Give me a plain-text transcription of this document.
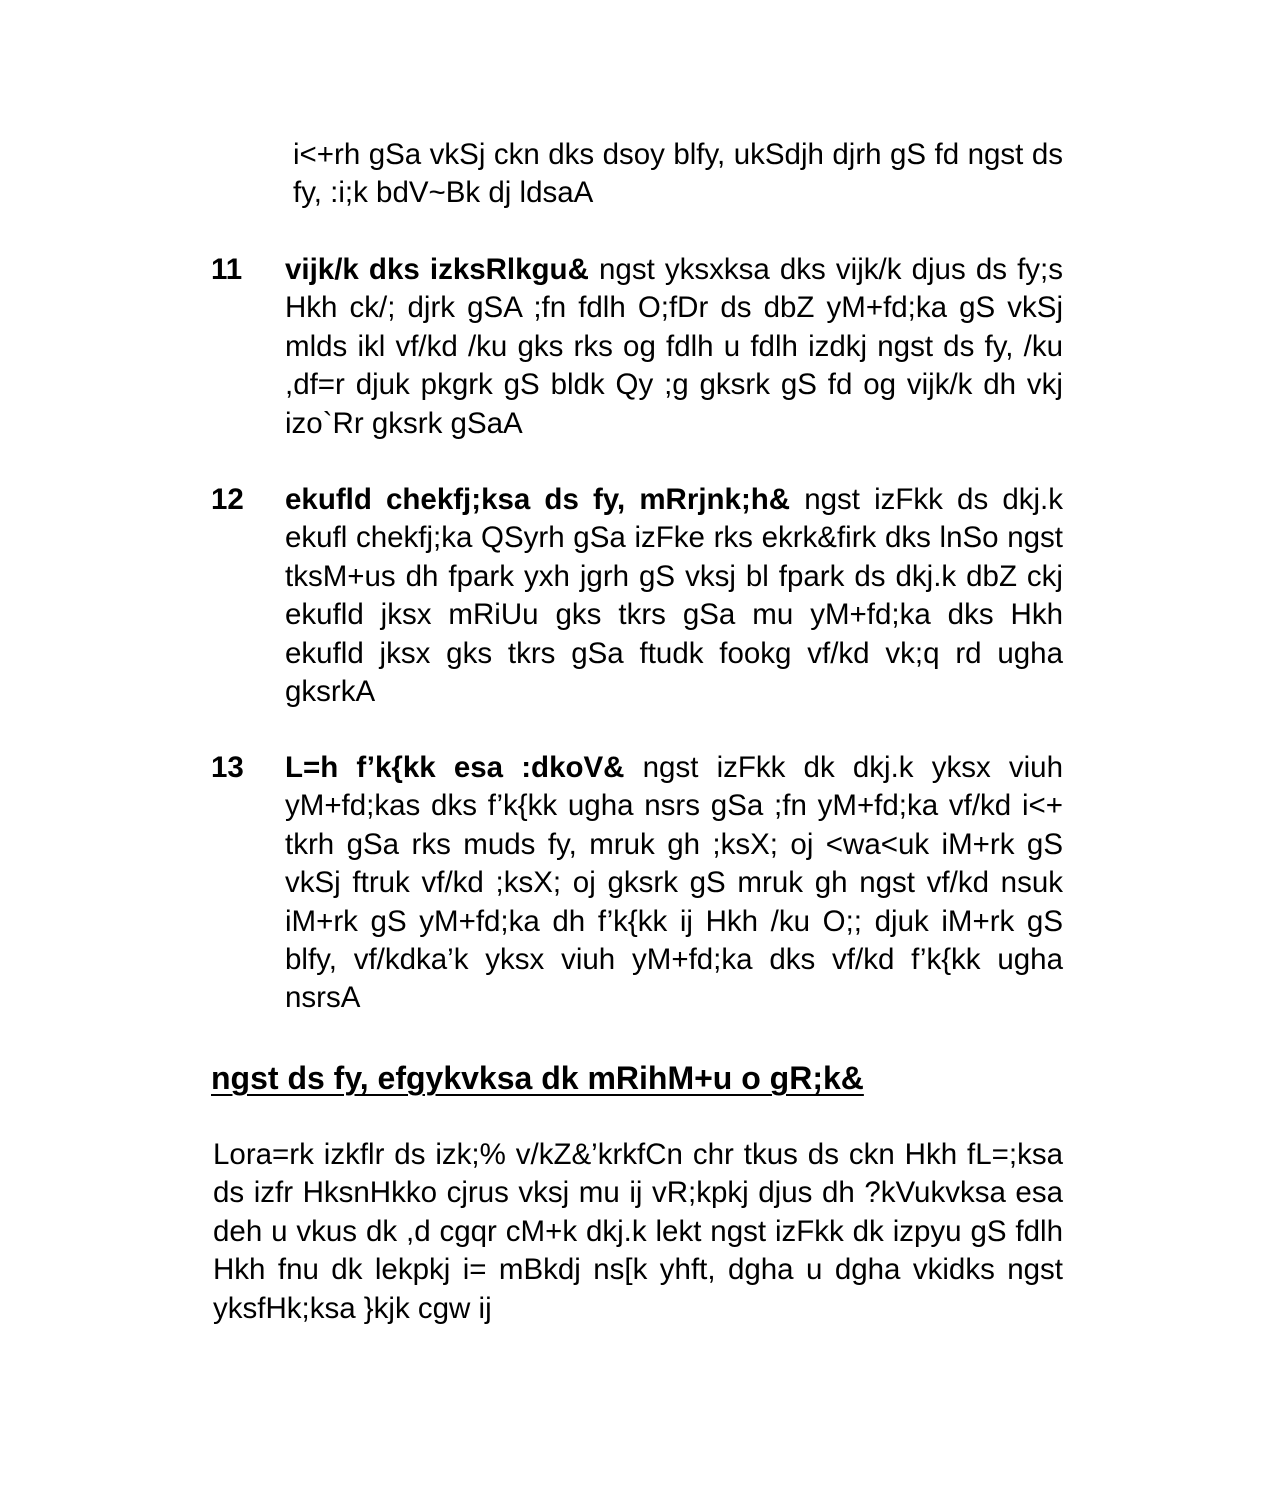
i<+rh gSa vkSj ckn dks dsoy blfy, ukSdjh djrh gS fd ngst ds fy, :i;k bdV~Bk dj ldsaA

11 vijk/k dks izksRlkgu& ngst yksxksa dks vijk/k djus ds fy;s Hkh ck/; djrk gSA ;fn fdlh O;fDr ds dbZ yM+fd;ka gS vkSj mlds ikl vf/kd /ku gks rks og fdlh u fdlh izdkj ngst ds fy, /ku ,df=r djuk pkgrk gS bldk Qy ;g gksrk gS fd og vijk/k dh vkj izo`Rr gksrk gSaA
12 ekufld chekfj;ksa ds fy, mRrjnk;h& ngst izFkk ds dkj.k ekufl chekfj;ka QSyrh gSa izFke rks ekrk&firk dks lnSo ngst tksM+us dh fpark yxh jgrh gS vksj bl fpark ds dkj.k dbZ ckj ekufld jksx mRiUu gks tkrs gSa mu yM+fd;ka dks Hkh ekufld jksx gks tkrs gSa ftudk fookg vf/kd vk;q rd ugha gksrkA
13 L=h f’k{kk esa :dkoV& ngst izFkk dk dkj.k yksx viuh yM+fd;kas dks f’k{kk ugha nsrs gSa ;fn yM+fd;ka vf/kd i<+ tkrh gSa rks muds fy, mruk gh ;ksX; oj <wa<uk iM+rk gS vkSj ftruk vf/kd ;ksX; oj gksrk gS mruk gh ngst vf/kd nsuk iM+rk gS yM+fd;ka dh f’k{kk ij Hkh /ku O;; djuk iM+rk gS blfy, vf/kdka’k yksx viuh yM+fd;ka dks vf/kd f’k{kk ugha nsrsA
ngst ds fy, efgykvksa dk mRihM+u o gR;k&

Lora=rk izkflr ds izk;% v/kZ&’krkfCn chr tkus ds ckn Hkh fL=;ksa ds izfr HksnHkko cjrus vksj mu ij vR;kpkj djus dh ?kVukvksa esa deh u vkus dk ,d cgqr cM+k dkj.k lekt ngst izFkk dk izpyu gS fdlh Hkh fnu dk lekpkj i= mBkdj ns[k yhft, dgha u dgha vkidks ngst yksfHk;ksa }kjk cgw ij
